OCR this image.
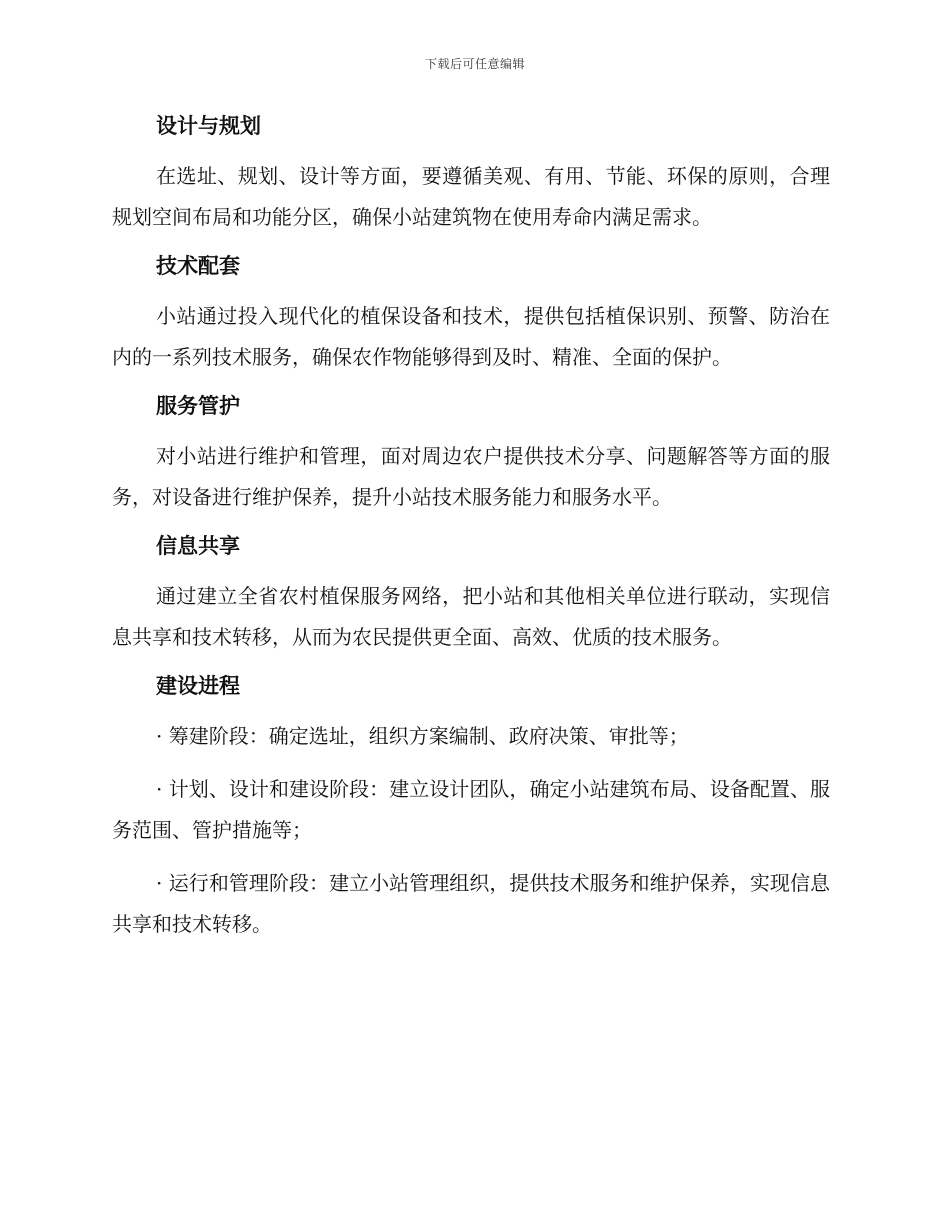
下载后可任意编辑
设计与规划

在选址、规划、设计等方面，要遵循美观、有用、节能、环保的原则，合理规划空间布局和功能分区，确保小站建筑物在使用寿命内满足需求。

技术配套

小站通过投入现代化的植保设备和技术，提供包括植保识别、预警、防治在内的一系列技术服务，确保农作物能够得到及时、精准、全面的保护。

服务管护

对小站进行维护和管理，面对周边农户提供技术分享、问题解答等方面的服务，对设备进行维护保养，提升小站技术服务能力和服务水平。

信息共享

通过建立全省农村植保服务网络，把小站和其他相关单位进行联动，实现信息共享和技术转移，从而为农民提供更全面、高效、优质的技术服务。

建设进程

· 筹建阶段：确定选址，组织方案编制、政府决策、审批等；

· 计划、设计和建设阶段：建立设计团队，确定小站建筑布局、设备配置、服务范围、管护措施等；

· 运行和管理阶段：建立小站管理组织，提供技术服务和维护保养，实现信息共享和技术转移。
